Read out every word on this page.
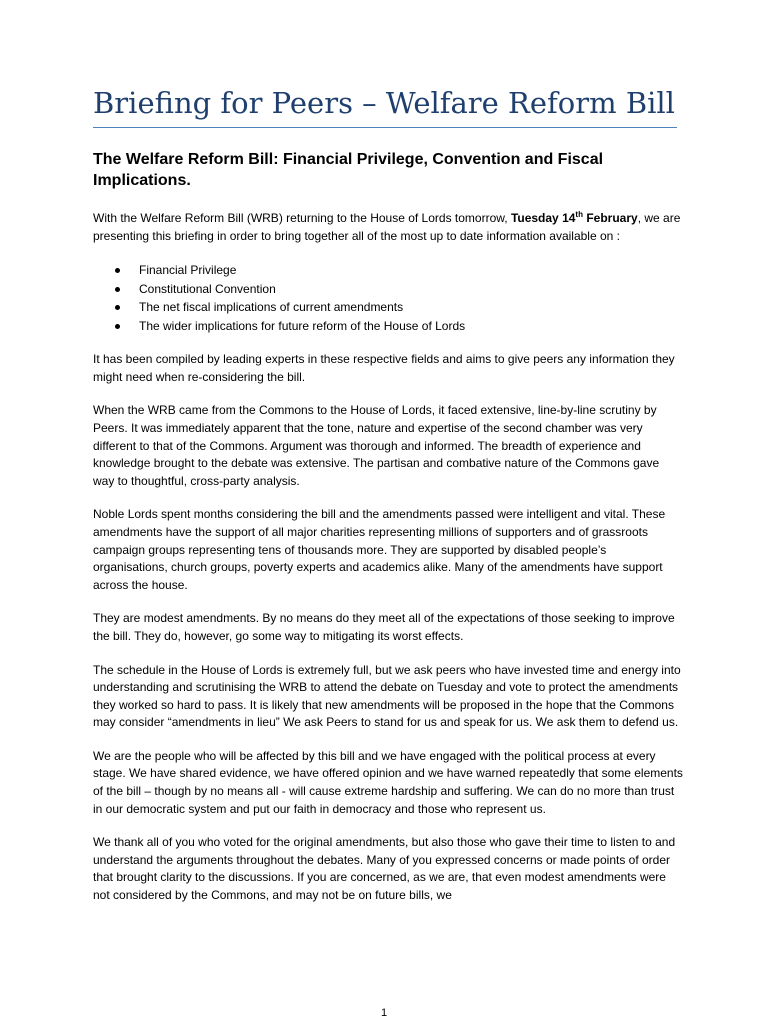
Briefing for Peers – Welfare Reform Bill
The Welfare Reform Bill: Financial Privilege, Convention and Fiscal Implications.

With the Welfare Reform Bill (WRB) returning to the House of Lords tomorrow, Tuesday 14th February, we are presenting this briefing in order to bring together all of the most up to date information available on :

Financial Privilege
Constitutional Convention
The net fiscal implications of current amendments
The wider implications for future reform of the House of Lords

It has been compiled by leading experts in these respective fields and aims to give peers any information they might need when re-considering the bill.

When the WRB came from the Commons to the House of Lords, it faced extensive, line-by-line scrutiny by Peers. It was immediately apparent that the tone, nature and expertise of the second chamber was very different to that of the Commons. Argument was thorough and informed. The breadth of experience and knowledge brought to the debate was extensive. The partisan and combative nature of the Commons gave way to thoughtful, cross-party analysis.

Noble Lords spent months considering the bill and the amendments passed were intelligent and vital. These amendments have the support of all major charities representing millions of supporters and of grassroots campaign groups representing tens of thousands more. They are supported by disabled people’s organisations, church groups, poverty experts and academics alike. Many of the amendments have support across the house.

They are modest amendments. By no means do they meet all of the expectations of those seeking to improve the bill. They do, however, go some way to mitigating its worst effects.

The schedule in the House of Lords is extremely full, but we ask peers who have invested time and energy into understanding and scrutinising the WRB to attend the debate on Tuesday and vote to protect the amendments they worked so hard to pass. It is likely that new amendments will be proposed in the hope that the Commons may consider “amendments in lieu” We ask Peers to stand for us and speak for us. We ask them to defend us.

We are the people who will be affected by this bill and we have engaged with the political process at every stage. We have shared evidence, we have offered opinion and we have warned repeatedly that some elements of the bill – though by no means all - will cause extreme hardship and suffering. We can do no more than trust in our democratic system and put our faith in democracy and those who represent us.

We thank all of you who voted for the original amendments, but also those who gave their time to listen to and understand the arguments throughout the debates. Many of you expressed concerns or made points of order that brought clarity to the discussions. If you are concerned, as we are, that even modest amendments were not considered by the Commons, and may not be on future bills, we

1
